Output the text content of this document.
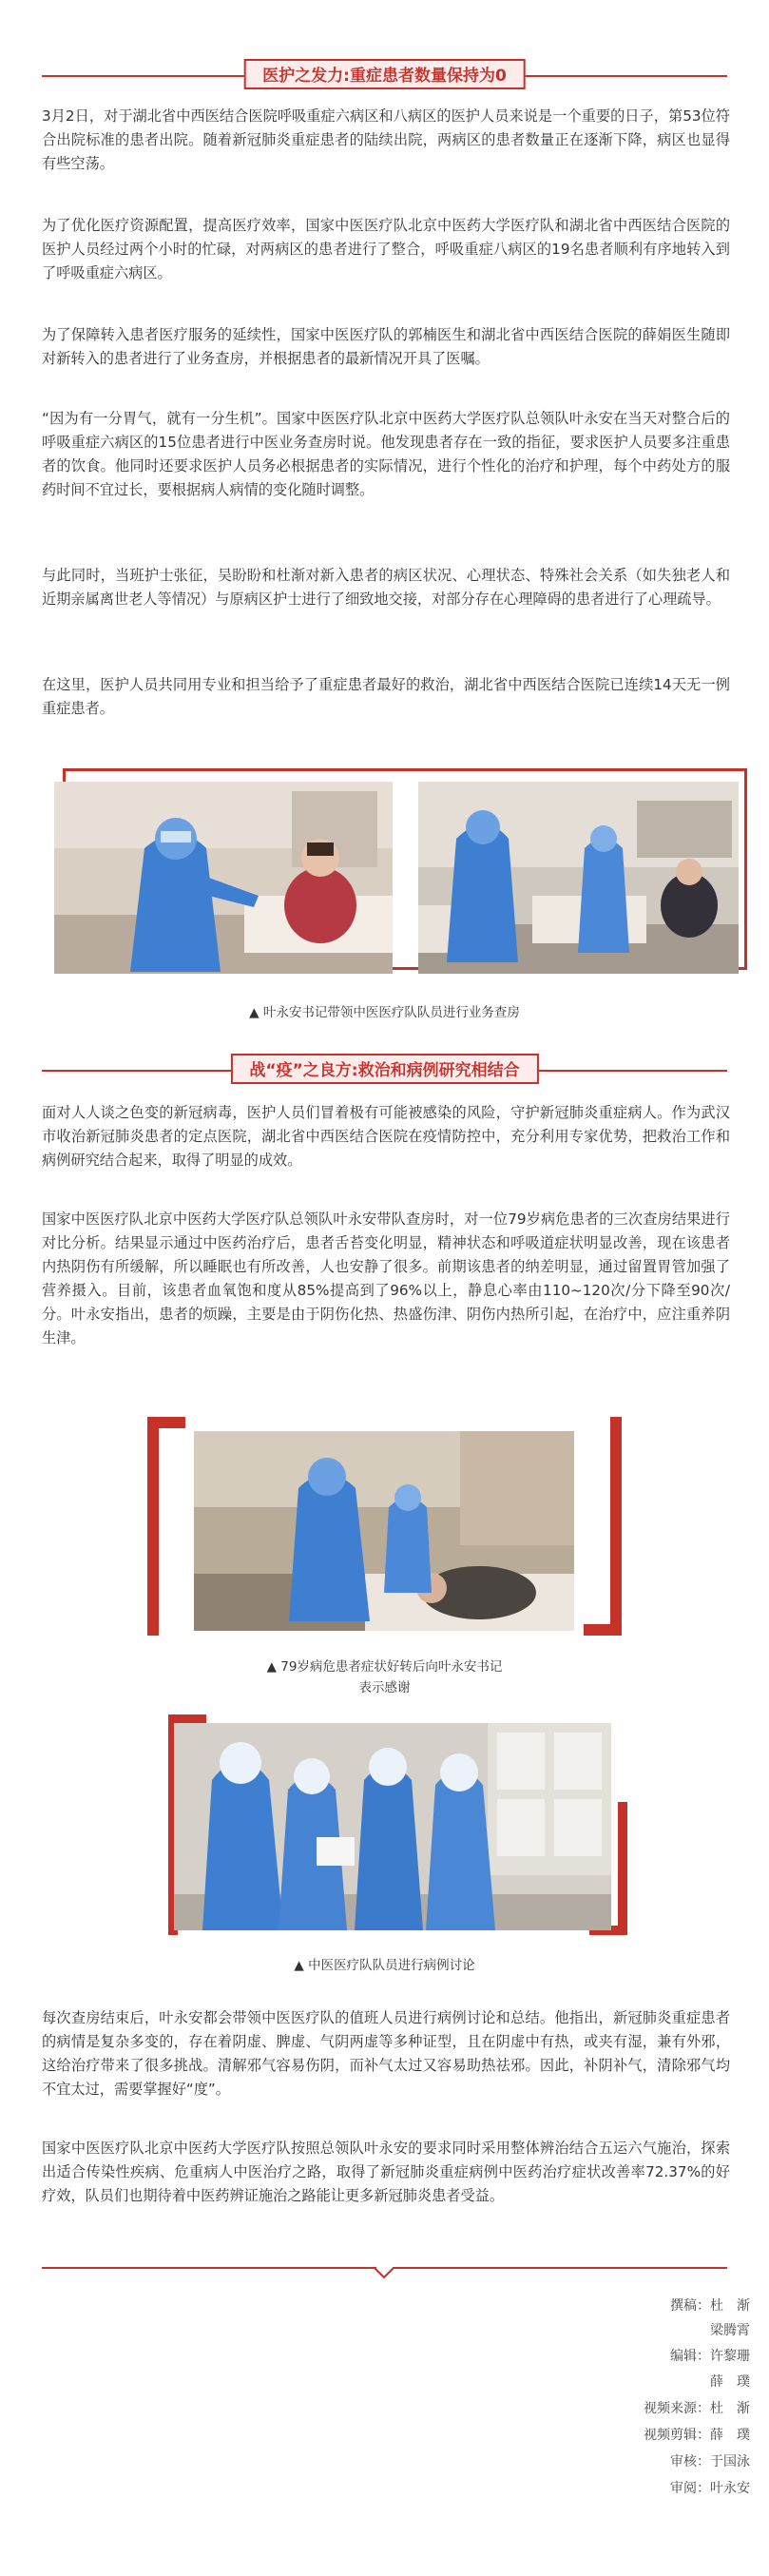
医护之发力:重症患者数量保持为0

3月2日，对于湖北省中西医结合医院呼吸重症六病区和八病区的医护人员来说是一个重要的日子，第53位符合出院标准的患者出院。随着新冠肺炎重症患者的陆续出院，两病区的患者数量正在逐渐下降，病区也显得有些空荡。

为了优化医疗资源配置，提高医疗效率，国家中医医疗队北京中医药大学医疗队和湖北省中西医结合医院的医护人员经过两个小时的忙碌，对两病区的患者进行了整合，呼吸重症八病区的19名患者顺利有序地转入到了呼吸重症六病区。

为了保障转入患者医疗服务的延续性，国家中医医疗队的郭楠医生和湖北省中西医结合医院的薛娟医生随即对新转入的患者进行了业务查房，并根据患者的最新情况开具了医嘱。

“因为有一分胃气，就有一分生机”。国家中医医疗队北京中医药大学医疗队总领队叶永安在当天对整合后的呼吸重症六病区的15位患者进行中医业务查房时说。他发现患者存在一致的指征，要求医护人员要多注重患者的饮食。他同时还要求医护人员务必根据患者的实际情况，进行个性化的治疗和护理，每个中药处方的服药时间不宜过长，要根据病人病情的变化随时调整。

与此同时，当班护士张征，吴盼盼和杜渐对新入患者的病区状况、心理状态、特殊社会关系（如失独老人和近期亲属离世老人等情况）与原病区护士进行了细致地交接，对部分存在心理障碍的患者进行了心理疏导。

在这里，医护人员共同用专业和担当给予了重症患者最好的救治，湖北省中西医结合医院已连续14天无一例重症患者。

▲ 叶永安书记带领中医医疗队队员进行业务查房
战“疫”之良方:救治和病例研究相结合

面对人人谈之色变的新冠病毒，医护人员们冒着极有可能被感染的风险，守护新冠肺炎重症病人。作为武汉市收治新冠肺炎患者的定点医院，湖北省中西医结合医院在疫情防控中，充分利用专家优势，把救治工作和病例研究结合起来，取得了明显的成效。

国家中医医疗队北京中医药大学医疗队总领队叶永安带队查房时，对一位79岁病危患者的三次查房结果进行对比分析。结果显示通过中医药治疗后，患者舌苔变化明显，精神状态和呼吸道症状明显改善，现在该患者内热阴伤有所缓解，所以睡眠也有所改善，人也安静了很多。前期该患者的纳差明显，通过留置胃管加强了营养摄入。目前，该患者血氧饱和度从85%提高到了96%以上，静息心率由110~120次/分下降至90次/分。叶永安指出，患者的烦躁，主要是由于阴伤化热、热盛伤津、阴伤内热所引起，在治疗中，应注重养阴生津。

▲ 79岁病危患者症状好转后向叶永安书记
表示感谢
▲ 中医医疗队队员进行病例讨论

每次查房结束后，叶永安都会带领中医医疗队的值班人员进行病例讨论和总结。他指出，新冠肺炎重症患者的病情是复杂多变的，存在着阴虚、脾虚、气阴两虚等多种证型，且在阴虚中有热，或夹有湿，兼有外邪，这给治疗带来了很多挑战。清解邪气容易伤阴，而补气太过又容易助热祛邪。因此，补阴补气，清除邪气均不宜太过，需要掌握好“度”。

国家中医医疗队北京中医药大学医疗队按照总领队叶永安的要求同时采用整体辨治结合五运六气施治，探索出适合传染性疾病、危重病人中医治疗之路，取得了新冠肺炎重症病例中医药治疗症状改善率72.37%的好疗效，队员们也期待着中医药辨证施治之路能让更多新冠肺炎患者受益。

撰稿：杜　渐
梁腾霄
编辑：许黎珊
薛　璞
视频来源：杜　渐
视频剪辑：薛　璞
审核：于国泳
审阅：叶永安
